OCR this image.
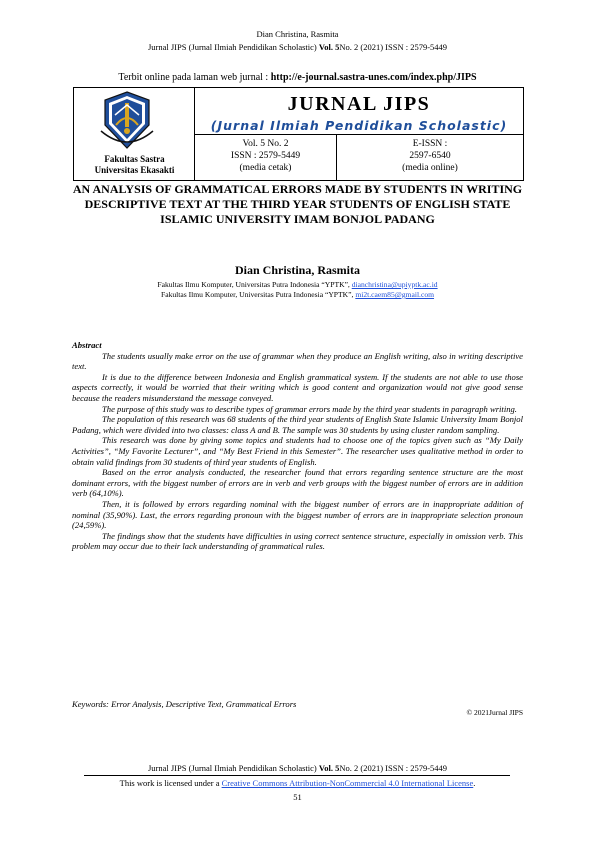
Dian Christina, Rasmita
Jurnal JIPS (Jurnal Ilmiah Pendidikan Scholastic) Vol. 5No. 2 (2021) ISSN : 2579-5449
Terbit online pada laman web jurnal : http://e-journal.sastra-unes.com/index.php/JIPS
Fakultas Sastra
Universitas Ekasakti
JURNAL JIPS
(Jurnal Ilmiah Pendidikan Scholastic)
Vol. 5 No. 2
ISSN : 2579-5449
(media cetak)
E-ISSN :
2597-6540
(media online)
AN ANALYSIS OF GRAMMATICAL ERRORS MADE BY STUDENTS IN WRITING DESCRIPTIVE TEXT AT THE THIRD YEAR STUDENTS OF ENGLISH STATE ISLAMIC UNIVERSITY IMAM BONJOL PADANG
Dian Christina, Rasmita
Fakultas Ilmu Komputer, Universitas Putra Indonesia “YPTK”, dianchristina@upiyptk.ac.id
Fakultas Ilmu Komputer, Universitas Putra Indonesia “YPTK”, mi2t.caem85@gmail.com
Abstract

The students usually make error on the use of grammar when they produce an English writing, also in writing descriptive text.

It is due to the difference between Indonesia and English grammatical system. If the students are not able to use those aspects correctly, it would be worried that their writing which is good content and organization would not give good sense because the readers misunderstand the message conveyed.

The purpose of this study was to describe types of grammar errors made by the third year students in paragraph writing.

The population of this research was 68 students of the third year students of English State Islamic University Imam Bonjol Padang, which were divided into two classes: class A and B. The sample was 30 students by using cluster random sampling.

This research was done by giving some topics and students had to choose one of the topics given such as “My Daily Activities”, “My Favorite Lecturer”, and “My Best Friend in this Semester”. The researcher uses qualitative method in order to obtain valid findings from 30 students of third year students of English.

Based on the error analysis conducted, the researcher found that errors regarding sentence structure are the most dominant errors, with the biggest number of errors are in verb and verb groups with the biggest number of errors are in addition verb (64,10%).

Then, it is followed by errors regarding nominal with the biggest number of errors are in inappropriate addition of nominal (35,90%). Last, the errors regarding pronoun with the biggest number of errors are in inappropriate selection pronoun (24,59%).

The findings show that the students have difficulties in using correct sentence structure, especially in omission verb. This problem may occur due to their lack understanding of grammatical rules.

Keywords: Error Analysis, Descriptive Text, Grammatical Errors
© 2021Jurnal JIPS
Jurnal JIPS (Jurnal Ilmiah Pendidikan Scholastic) Vol. 5No. 2 (2021) ISSN : 2579-5449
This work is licensed under a Creative Commons Attribution-NonCommercial 4.0 International License.
51
